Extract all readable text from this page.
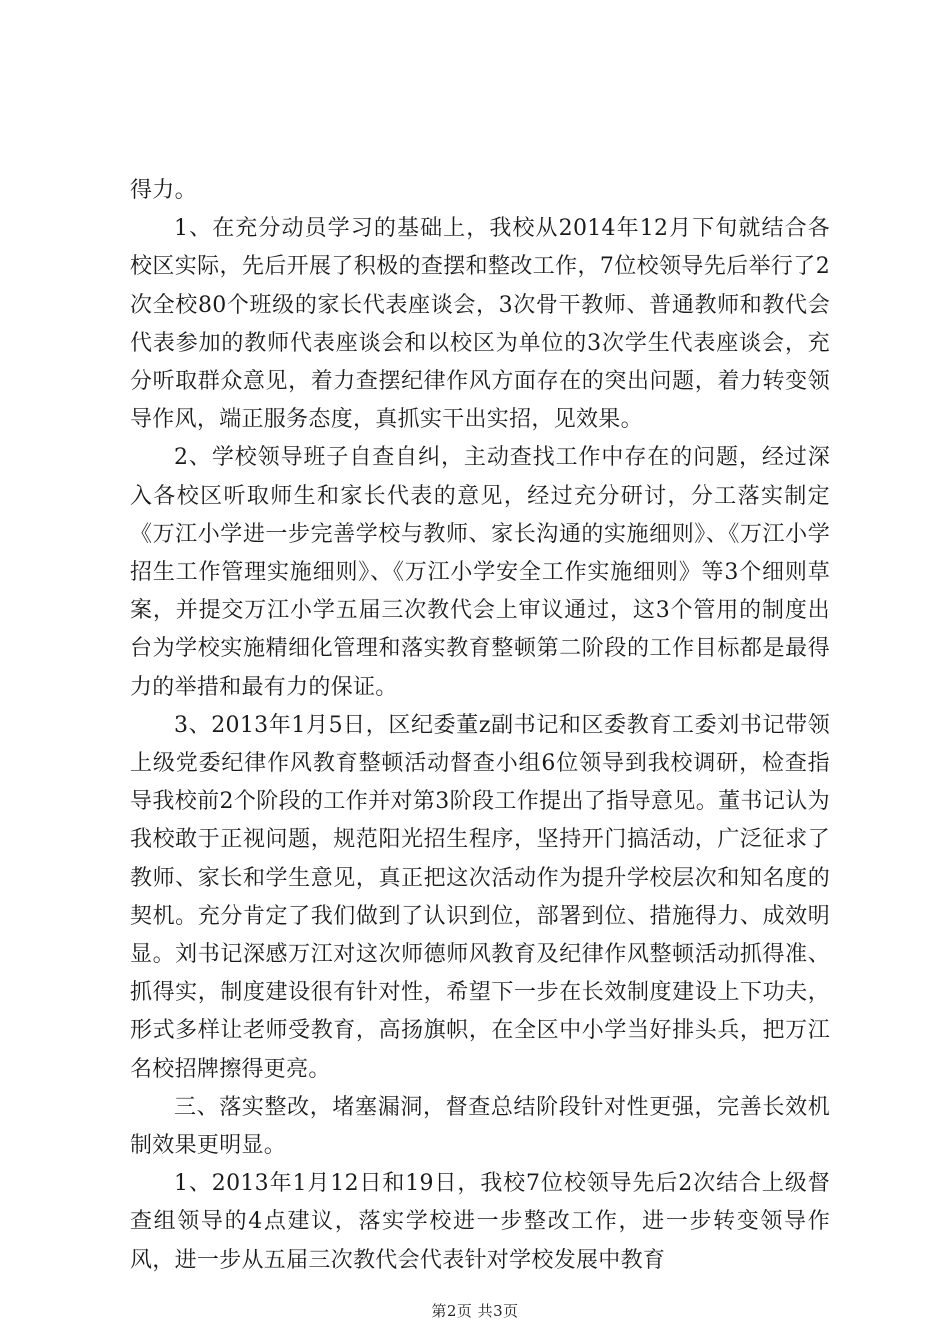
得力。

1、在充分动员学习的基础上，我校从2014年12月下旬就结合各校区实际，先后开展了积极的查摆和整改工作，7位校领导先后举行了2次全校80个班级的家长代表座谈会，3次骨干教师、普通教师和教代会代表参加的教师代表座谈会和以校区为单位的3次学生代表座谈会，充分听取群众意见，着力查摆纪律作风方面存在的突出问题，着力转变领导作风，端正服务态度，真抓实干出实招，见效果。

2、学校领导班子自查自纠，主动查找工作中存在的问题，经过深入各校区听取师生和家长代表的意见，经过充分研讨，分工落实制定《万江小学进一步完善学校与教师、家长沟通的实施细则》、《万江小学招生工作管理实施细则》、《万江小学安全工作实施细则》等3个细则草案，并提交万江小学五届三次教代会上审议通过，这3个管用的制度出台为学校实施精细化管理和落实教育整顿第二阶段的工作目标都是最得力的举措和最有力的保证。

3、2013年1月5日，区纪委董z副书记和区委教育工委刘书记带领上级党委纪律作风教育整顿活动督查小组6位领导到我校调研，检查指导我校前2个阶段的工作并对第3阶段工作提出了指导意见。董书记认为我校敢于正视问题，规范阳光招生程序，坚持开门搞活动，广泛征求了教师、家长和学生意见，真正把这次活动作为提升学校层次和知名度的契机。充分肯定了我们做到了认识到位，部署到位、措施得力、成效明显。刘书记深感万江对这次师德师风教育及纪律作风整顿活动抓得准、抓得实，制度建设很有针对性，希望下一步在长效制度建设上下功夫，形式多样让老师受教育，高扬旗帜，在全区中小学当好排头兵，把万江名校招牌擦得更亮。

三、落实整改，堵塞漏洞，督查总结阶段针对性更强，完善长效机制效果更明显。

1、2013年1月12日和19日，我校7位校领导先后2次结合上级督查组领导的4点建议，落实学校进一步整改工作，进一步转变领导作风，进一步从五届三次教代会代表针对学校发展中教育

第2页 共3页
